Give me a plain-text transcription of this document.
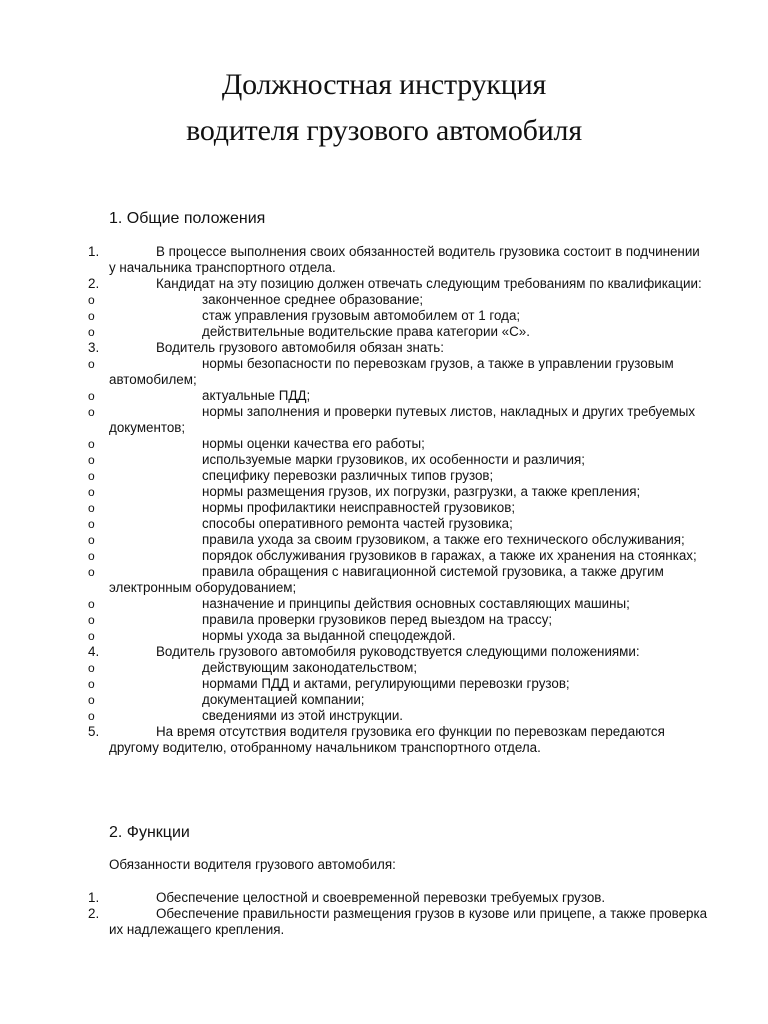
Должностная инструкция
водителя грузового автомобиля
1. Общие положения
1.	В процессе выполнения своих обязанностей водитель грузовика состоит в подчинении у начальника транспортного отдела.
2.	Кандидат на эту позицию должен отвечать следующим требованиям по квалификации:
o	законченное среднее образование;
o	стаж управления грузовым автомобилем от 1 года;
o	действительные водительские права категории «С».
3.	Водитель грузового автомобиля обязан знать:
o	нормы безопасности по перевозкам грузов, а также в управлении грузовым автомобилем;
o	актуальные ПДД;
o	нормы заполнения и проверки путевых листов, накладных и других требуемых документов;
o	нормы оценки качества его работы;
o	используемые марки грузовиков, их особенности и различия;
o	специфику перевозки различных типов грузов;
o	нормы размещения грузов, их погрузки, разгрузки, а также крепления;
o	нормы профилактики неисправностей грузовиков;
o	способы оперативного ремонта частей грузовика;
o	правила ухода за своим грузовиком, а также его технического обслуживания;
o	порядок обслуживания грузовиков в гаражах, а также их хранения на стоянках;
o	правила обращения с навигационной системой грузовика, а также другим электронным оборудованием;
o	назначение и принципы действия основных составляющих машины;
o	правила проверки грузовиков перед выездом на трассу;
o	нормы ухода за выданной спецодеждой.
4.	Водитель грузового автомобиля руководствуется следующими положениями:
o	действующим законодательством;
o	нормами ПДД и актами, регулирующими перевозки грузов;
o	документацией компании;
o	сведениями из этой инструкции.
5.	На время отсутствия водителя грузовика его функции по перевозкам передаются другому водителю, отобранному начальником транспортного отдела.
2. Функции
Обязанности водителя грузового автомобиля:
1.	Обеспечение целостной и своевременной перевозки требуемых грузов.
2.	Обеспечение правильности размещения грузов в кузове или прицепе, а также проверка их надлежащего крепления.
